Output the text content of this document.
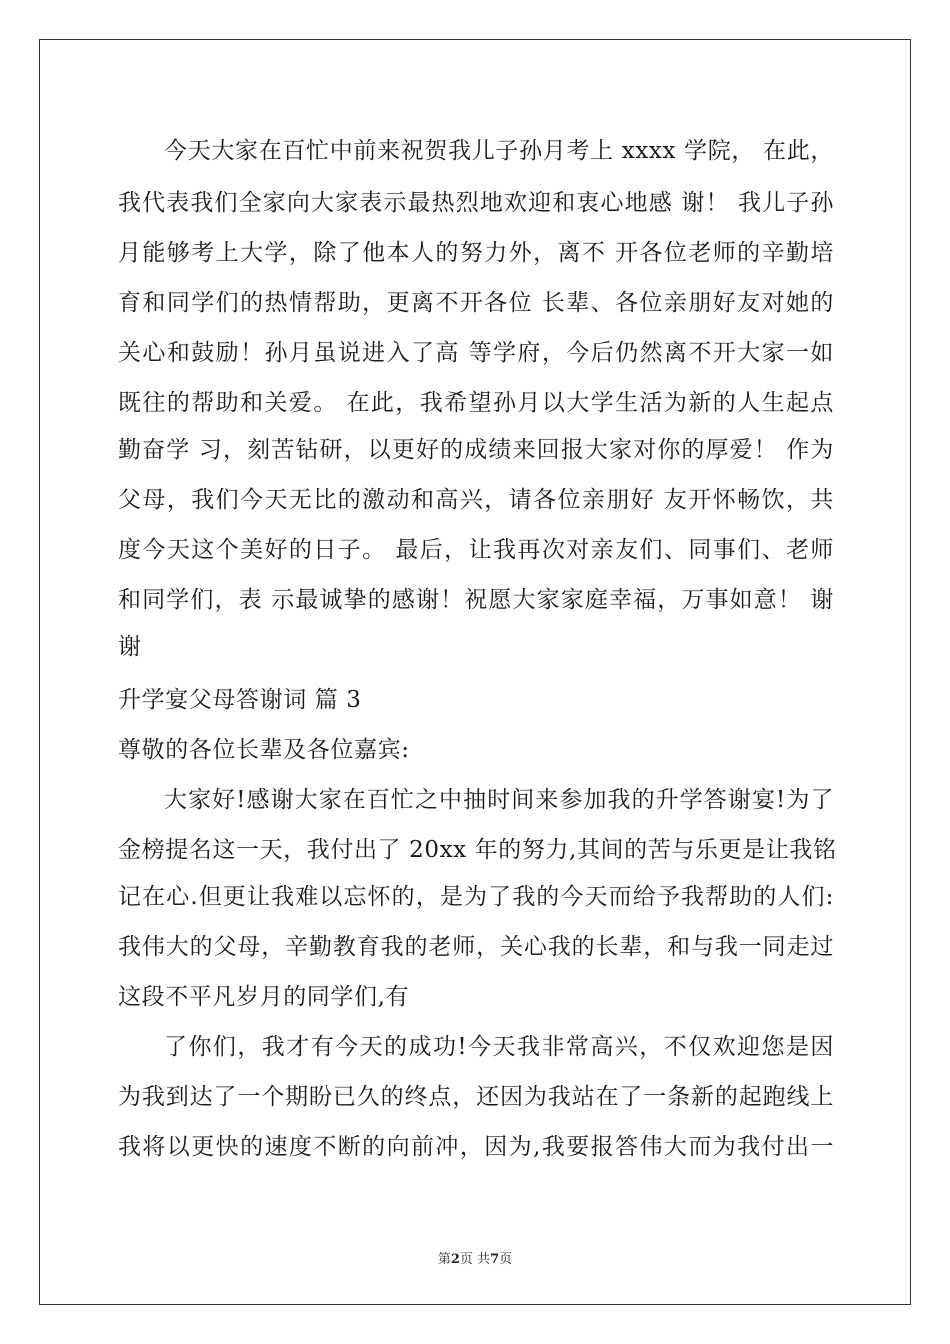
今天大家在百忙中前来祝贺我儿子孙月考上 xxxx 学院， 在此，
我代表我们全家向大家表示最热烈地欢迎和衷心地感 谢！ 我儿子孙
月能够考上大学，除了他本人的努力外，离不 开各位老师的辛勤培
育和同学们的热情帮助，更离不开各位 长辈、各位亲朋好友对她的
关心和鼓励！孙月虽说进入了高 等学府，今后仍然离不开大家一如
既往的帮助和关爱。 在此，我希望孙月以大学生活为新的人生起点
勤奋学 习，刻苦钻研，以更好的成绩来回报大家对你的厚爱！ 作为
父母，我们今天无比的激动和高兴，请各位亲朋好 友开怀畅饮，共
度今天这个美好的日子。 最后，让我再次对亲友们、同事们、老师
和同学们，表 示最诚挚的感谢！祝愿大家家庭幸福，万事如意！ 谢
谢
升学宴父母答谢词 篇 3
尊敬的各位长辈及各位嘉宾:
大家好!感谢大家在百忙之中抽时间来参加我的升学答谢宴!为了
金榜提名这一天，我付出了 20xx 年的努力,其间的苦与乐更是让我铭
记在心.但更让我难以忘怀的，是为了我的今天而给予我帮助的人们:
我伟大的父母，辛勤教育我的老师，关心我的长辈，和与我一同走过
这段不平凡岁月的同学们,有
了你们，我才有今天的成功!今天我非常高兴，不仅欢迎您是因
为我到达了一个期盼已久的终点，还因为我站在了一条新的起跑线上
我将以更快的速度不断的向前冲，因为,我要报答伟大而为我付出一
第2页 共7页
